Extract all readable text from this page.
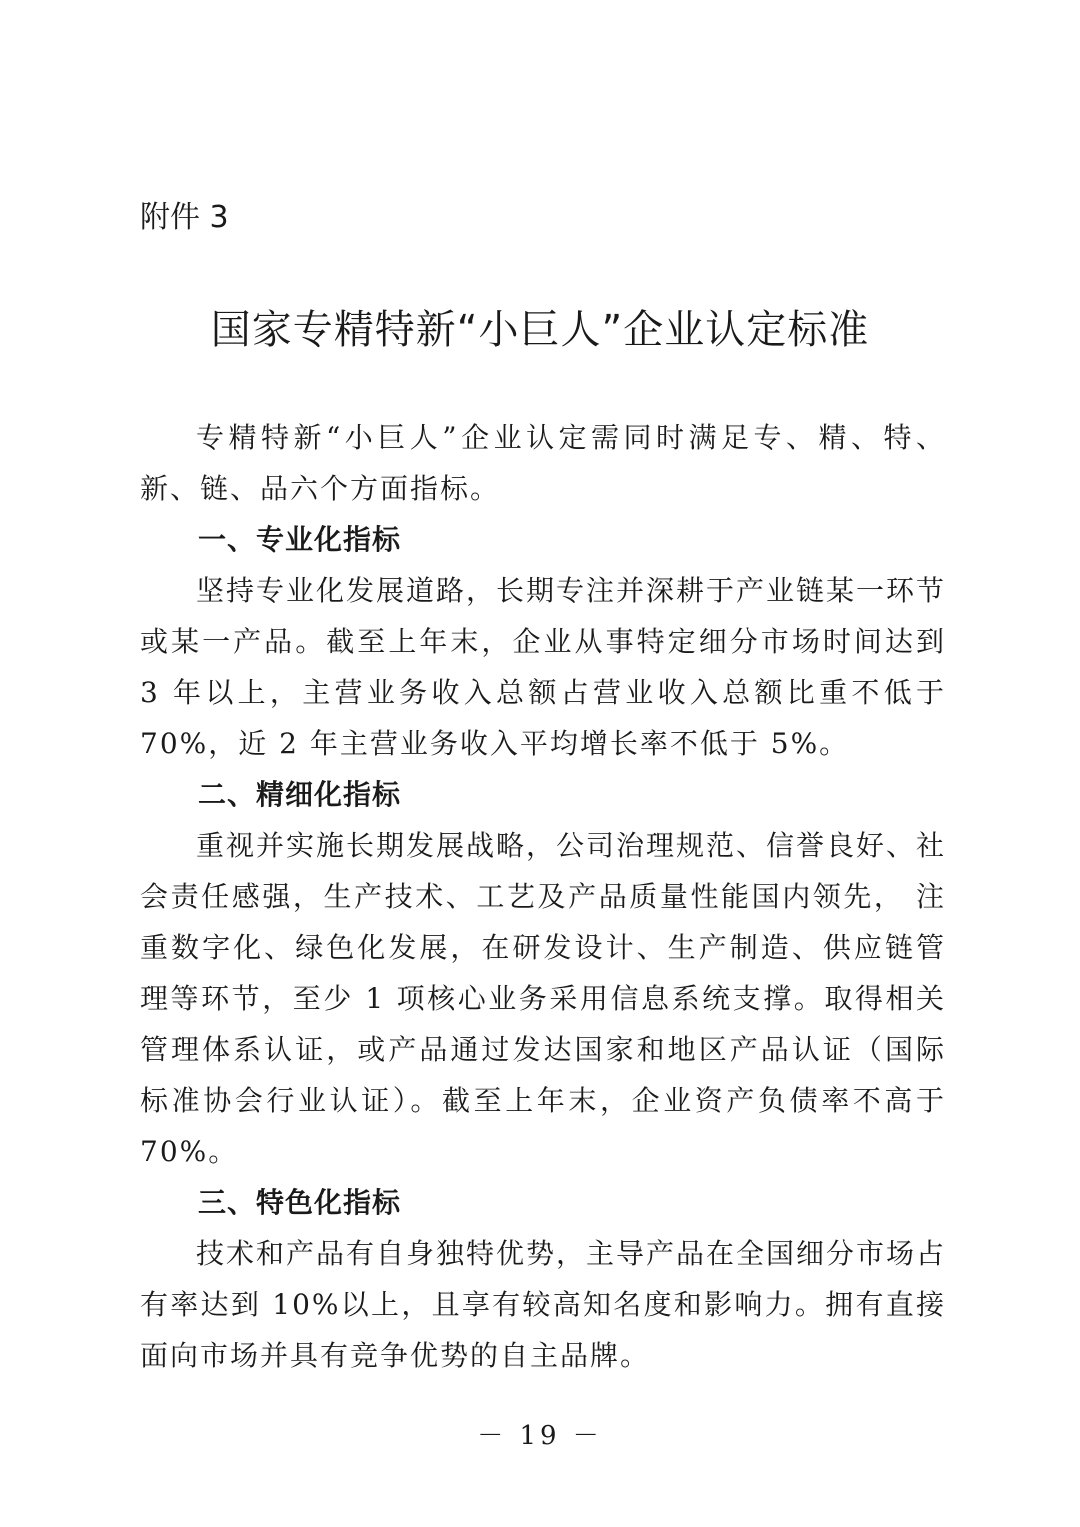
附件 3
国家专精特新“小巨人”企业认定标准

专精特新“小巨人”企业认定需同时满足专、精、特、新、链、品六个方面指标。

一、专业化指标

坚持专业化发展道路，长期专注并深耕于产业链某一环节或某一产品。截至上年末，企业从事特定细分市场时间达到 3 年以上，主营业务收入总额占营业收入总额比重不低于 70%，近 2 年主营业务收入平均增长率不低于 5%。

二、精细化指标

重视并实施长期发展战略，公司治理规范、信誉良好、社会责任感强，生产技术、工艺及产品质量性能国内领先， 注重数字化、绿色化发展，在研发设计、生产制造、供应链管理等环节，至少 1 项核心业务采用信息系统支撑。取得相关管理体系认证，或产品通过发达国家和地区产品认证（国际标准协会行业认证）。截至上年末，企业资产负债率不高于 70%。

三、特色化指标

技术和产品有自身独特优势，主导产品在全国细分市场占有率达到 10%以上，且享有较高知名度和影响力。拥有直接面向市场并具有竞争优势的自主品牌。

－ 19 －
